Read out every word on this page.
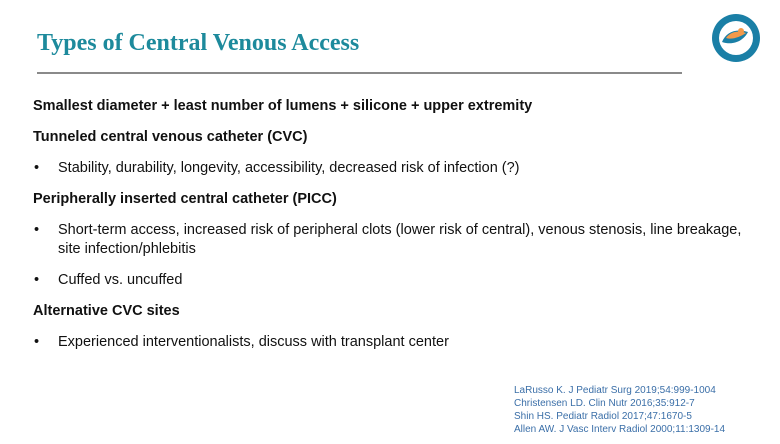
Types of Central Venous Access
Smallest diameter + least number of lumens + silicone + upper extremity
Tunneled central venous catheter (CVC)
• Stability, durability, longevity, accessibility, decreased risk of infection (?)
Peripherally inserted central catheter (PICC)
• Short-term access, increased risk of peripheral clots (lower risk of central), venous stenosis, line breakage, site infection/phlebitis
• Cuffed vs. uncuffed
Alternative CVC sites
• Experienced interventionalists, discuss with transplant center
LaRusso K. J Pediatr Surg 2019;54:999-1004
Christensen LD. Clin Nutr 2016;35:912-7
Shin HS. Pediatr Radiol 2017;47:1670-5
Allen AW. J Vasc Interv Radiol 2000;11:1309-14
